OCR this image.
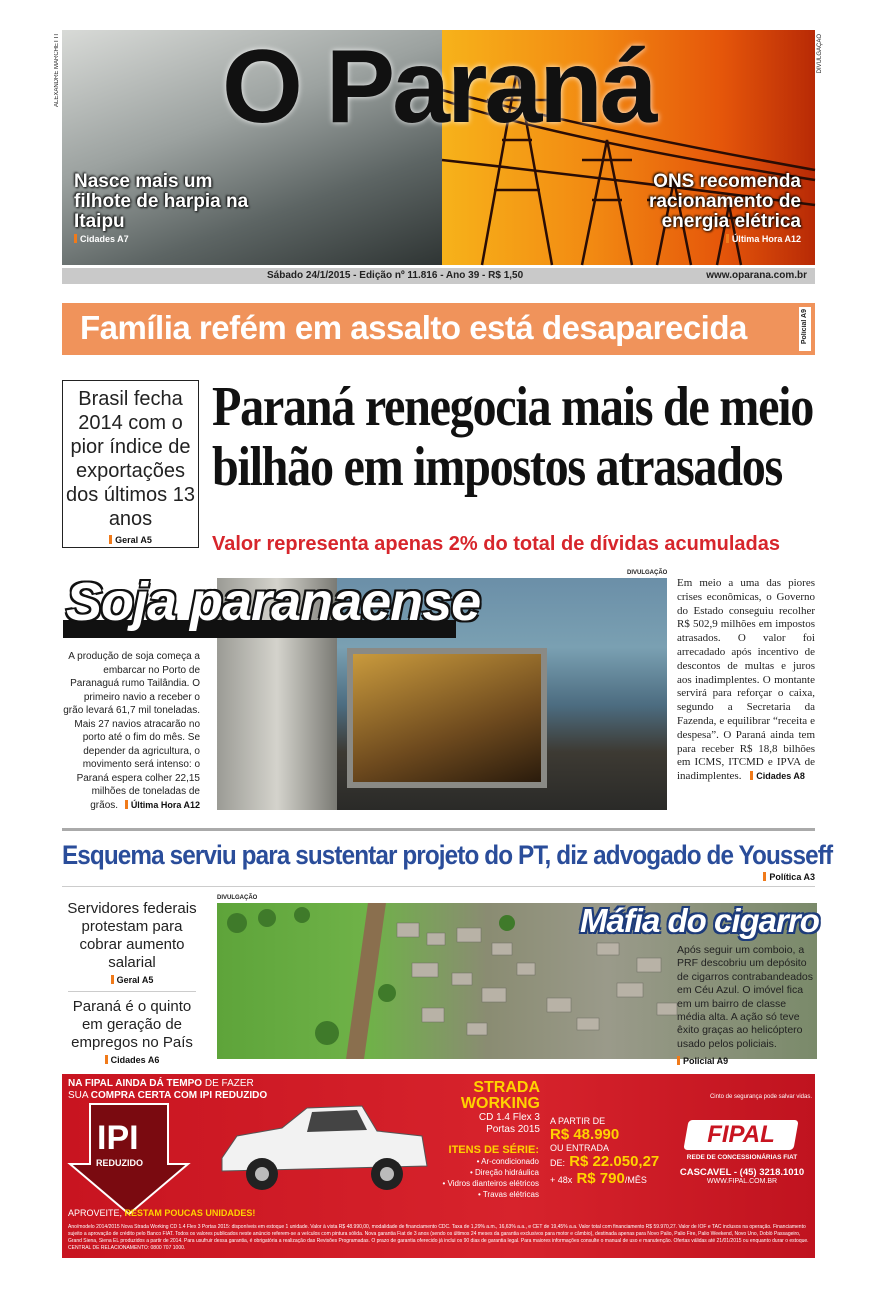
O Paraná
ALEXANDRE MARCHETTI	DIVULGAÇÃO
Nasce mais um filhote de harpia na Itaipu
Cidades A7
ONS recomenda racionamento de energia elétrica
Última Hora A12
Sábado 24/1/2015 - Edição nº 11.816 - Ano 39 - R$ 1,50	www.oparana.com.br
Família refém em assalto está desaparecida	Policial A9
Brasil fecha 2014 com o pior índice de exportações dos últimos 13 anos
Geral A5
Paraná renegocia mais de meio
bilhão em impostos atrasados
Valor representa apenas 2% do total de dívidas acumuladas
DIVULGAÇÃO
Soja paranaense
A produção de soja começa a embarcar no Porto de Paranaguá rumo Tailândia. O primeiro navio a receber o grão levará 61,7 mil toneladas. Mais 27 navios atracarão no porto até o fim do mês. Se depender da agricultura, o movimento será intenso: o Paraná espera colher 22,15 milhões de toneladas de grãos. Última Hora A12
Em meio a uma das piores crises econômicas, o Governo do Estado conseguiu recolher R$ 502,9 milhões em impostos atrasados. O valor foi arrecadado após incentivo de descontos de multas e juros aos inadimplentes. O montante servirá para reforçar o caixa, segundo a Secretaria da Fazenda, e equilibrar “receita e despesa”. O Paraná ainda tem para receber R$ 18,8 bilhões em ICMS, ITCMD e IPVA de inadimplentes. Cidades A8
Esquema serviu para sustentar projeto do PT, diz advogado de Yousseff
Política A3
Servidores federais protestam para cobrar aumento salarial
Geral A5
Paraná é o quinto em geração de empregos no País
Cidades A6
DIVULGAÇÃO
Máfia do cigarro
Após seguir um comboio, a PRF descobriu um depósito de cigarros contrabandeados em Céu Azul. O imóvel fica em um bairro de classe média alta. A ação só teve êxito graças ao helicóptero usado pelos policiais.
Policial A9
NA FIPAL AINDA DÁ TEMPO DE FAZER
SUA COMPRA CERTA COM IPI REDUZIDO
IPI
REDUZIDO
APROVEITE, RESTAM POUCAS UNIDADES!
STRADA WORKING
CD 1.4 Flex 3 Portas 2015
ITENS DE SÉRIE:
• Ar-condicionado
• Direção hidráulica
• Vidros dianteiros elétricos
• Travas elétricas
A PARTIR DE
R$ 48.990
OU ENTRADA
DE: R$ 22.050,27
+ 48x R$ 790/MÊS
Cinto de segurança pode salvar vidas.
FIPAL
REDE DE CONCESSIONÁRIAS FIAT
CASCAVEL - (45) 3218.1010
WWW.FIPAL.COM.BR
Ano/modelo 2014/2015 Nova Strada Working CD 1.4 Flex 3 Portas 2015: disponíveis em estoque 1 unidade. Valor à vista R$ 48.990,00, modalidade de financiamento CDC. Taxa de 1,29% a.m., 16,63% a.a., e CET de 19,45% a.a. Valor total com financiamento R$ 59.970,27. Valor de IOF e TAC inclusos na operação. Financiamento sujeito a aprovação de crédito pelo Banco FIAT. Todos os valores publicados neste anúncio referem-se a veículos com pintura sólida. Nova garantia Fiat de 3 anos (sendo os últimos 24 meses da garantia exclusivos para motor e câmbio), destinada apenas para Novo Palio, Palio Fire, Palio Weekend, Novo Uno, Doblò Passageiro, Grand Siena, Siena EL produzidos a partir de 2014. Para usufruir dessa garantia, é obrigatória a realização das Revisões Programadas. O prazo de garantia oferecido já inclui os 90 dias de garantia legal. Para maiores informações consulte o manual de uso e manutenção. Ofertas válidas até 21/01/2015 ou enquanto durar o estoque. CENTRAL DE RELACIONAMENTO: 0800 707 1000.
